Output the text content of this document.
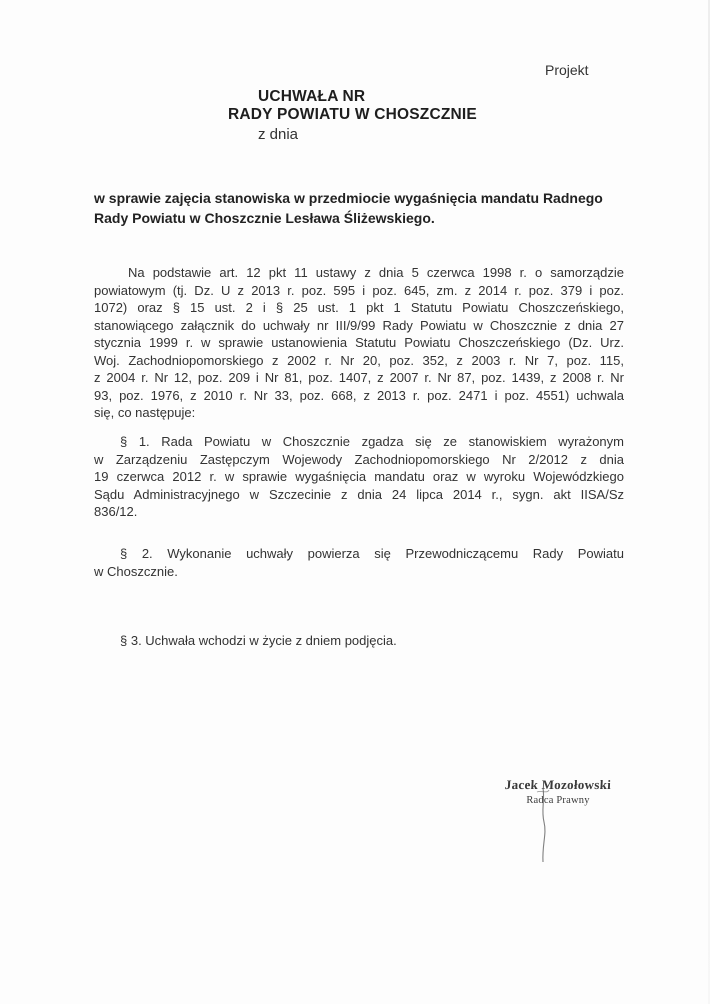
Projekt
UCHWAŁA NR
RADY POWIATU W CHOSZCZNIE
z dnia
w sprawie zajęcia stanowiska w przedmiocie wygaśnięcia mandatu Radnego
Rady Powiatu w Choszcznie Lesława Śliżewskiego.
Na podstawie art. 12 pkt 11 ustawy z dnia 5 czerwca 1998 r. o samorządzie
powiatowym (tj. Dz. U z 2013 r. poz. 595 i poz. 645, zm. z 2014 r. poz. 379 i poz.
1072) oraz § 15 ust. 2 i § 25 ust. 1 pkt 1 Statutu Powiatu Choszczeńskiego,
stanowiącego załącznik do uchwały nr III/9/99 Rady Powiatu w Choszcznie z dnia 27
stycznia 1999 r. w sprawie ustanowienia Statutu Powiatu Choszczeńskiego (Dz. Urz.
Woj. Zachodniopomorskiego z 2002 r. Nr 20, poz. 352, z 2003 r. Nr 7, poz. 115,
z 2004 r. Nr 12, poz. 209 i Nr 81, poz. 1407, z 2007 r. Nr 87, poz. 1439, z 2008 r. Nr
93, poz. 1976, z 2010 r. Nr 33, poz. 668, z 2013 r. poz. 2471 i poz. 4551) uchwala
się, co następuje:
§ 1. Rada Powiatu w Choszcznie zgadza się ze stanowiskiem wyrażonym
w Zarządzeniu Zastępczym Wojewody Zachodniopomorskiego Nr 2/2012 z dnia
19 czerwca 2012 r. w sprawie wygaśnięcia mandatu oraz w wyroku Wojewódzkiego
Sądu Administracyjnego w Szczecinie z dnia 24 lipca 2014 r., sygn. akt IISA/Sz
836/12.
§ 2. Wykonanie uchwały powierza się Przewodniczącemu Rady Powiatu
w Choszcznie.
§ 3. Uchwała wchodzi w życie z dniem podjęcia.
Jacek Mozołowski
Radca Prawny
